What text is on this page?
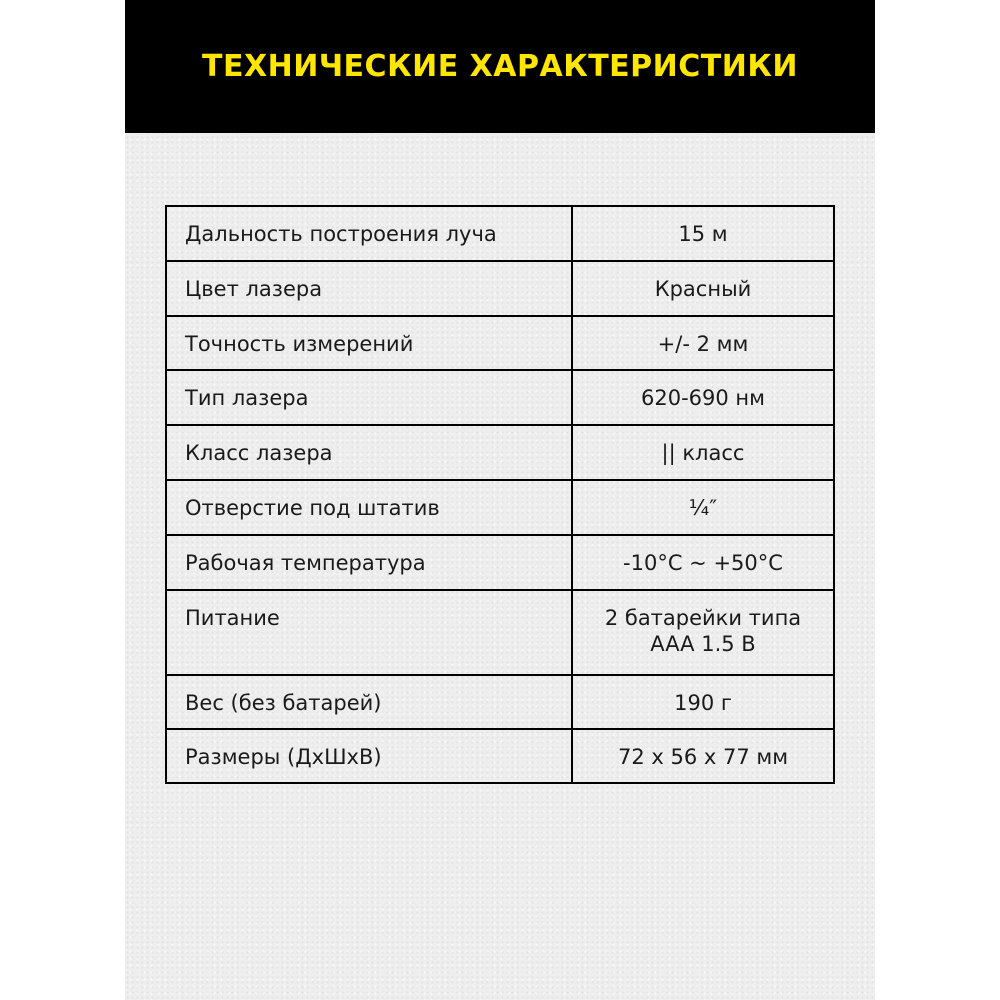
ТЕХНИЧЕСКИЕ ХАРАКТЕРИСТИКИ
Дальность построения луча	15 м

Цвет лазера	Красный

Точность измерений	+/- 2 мм

Тип лазера	620-690 нм

Класс лазера	|| класс

Отверстие под штатив	¼″

Рабочая температура	-10°C ~ +50°C

Питание	2 батарейки типа
AAA 1.5 B

Вес (без батарей)	190 г

Размеры (ДхШхВ)	72 x 56 x 77 мм
